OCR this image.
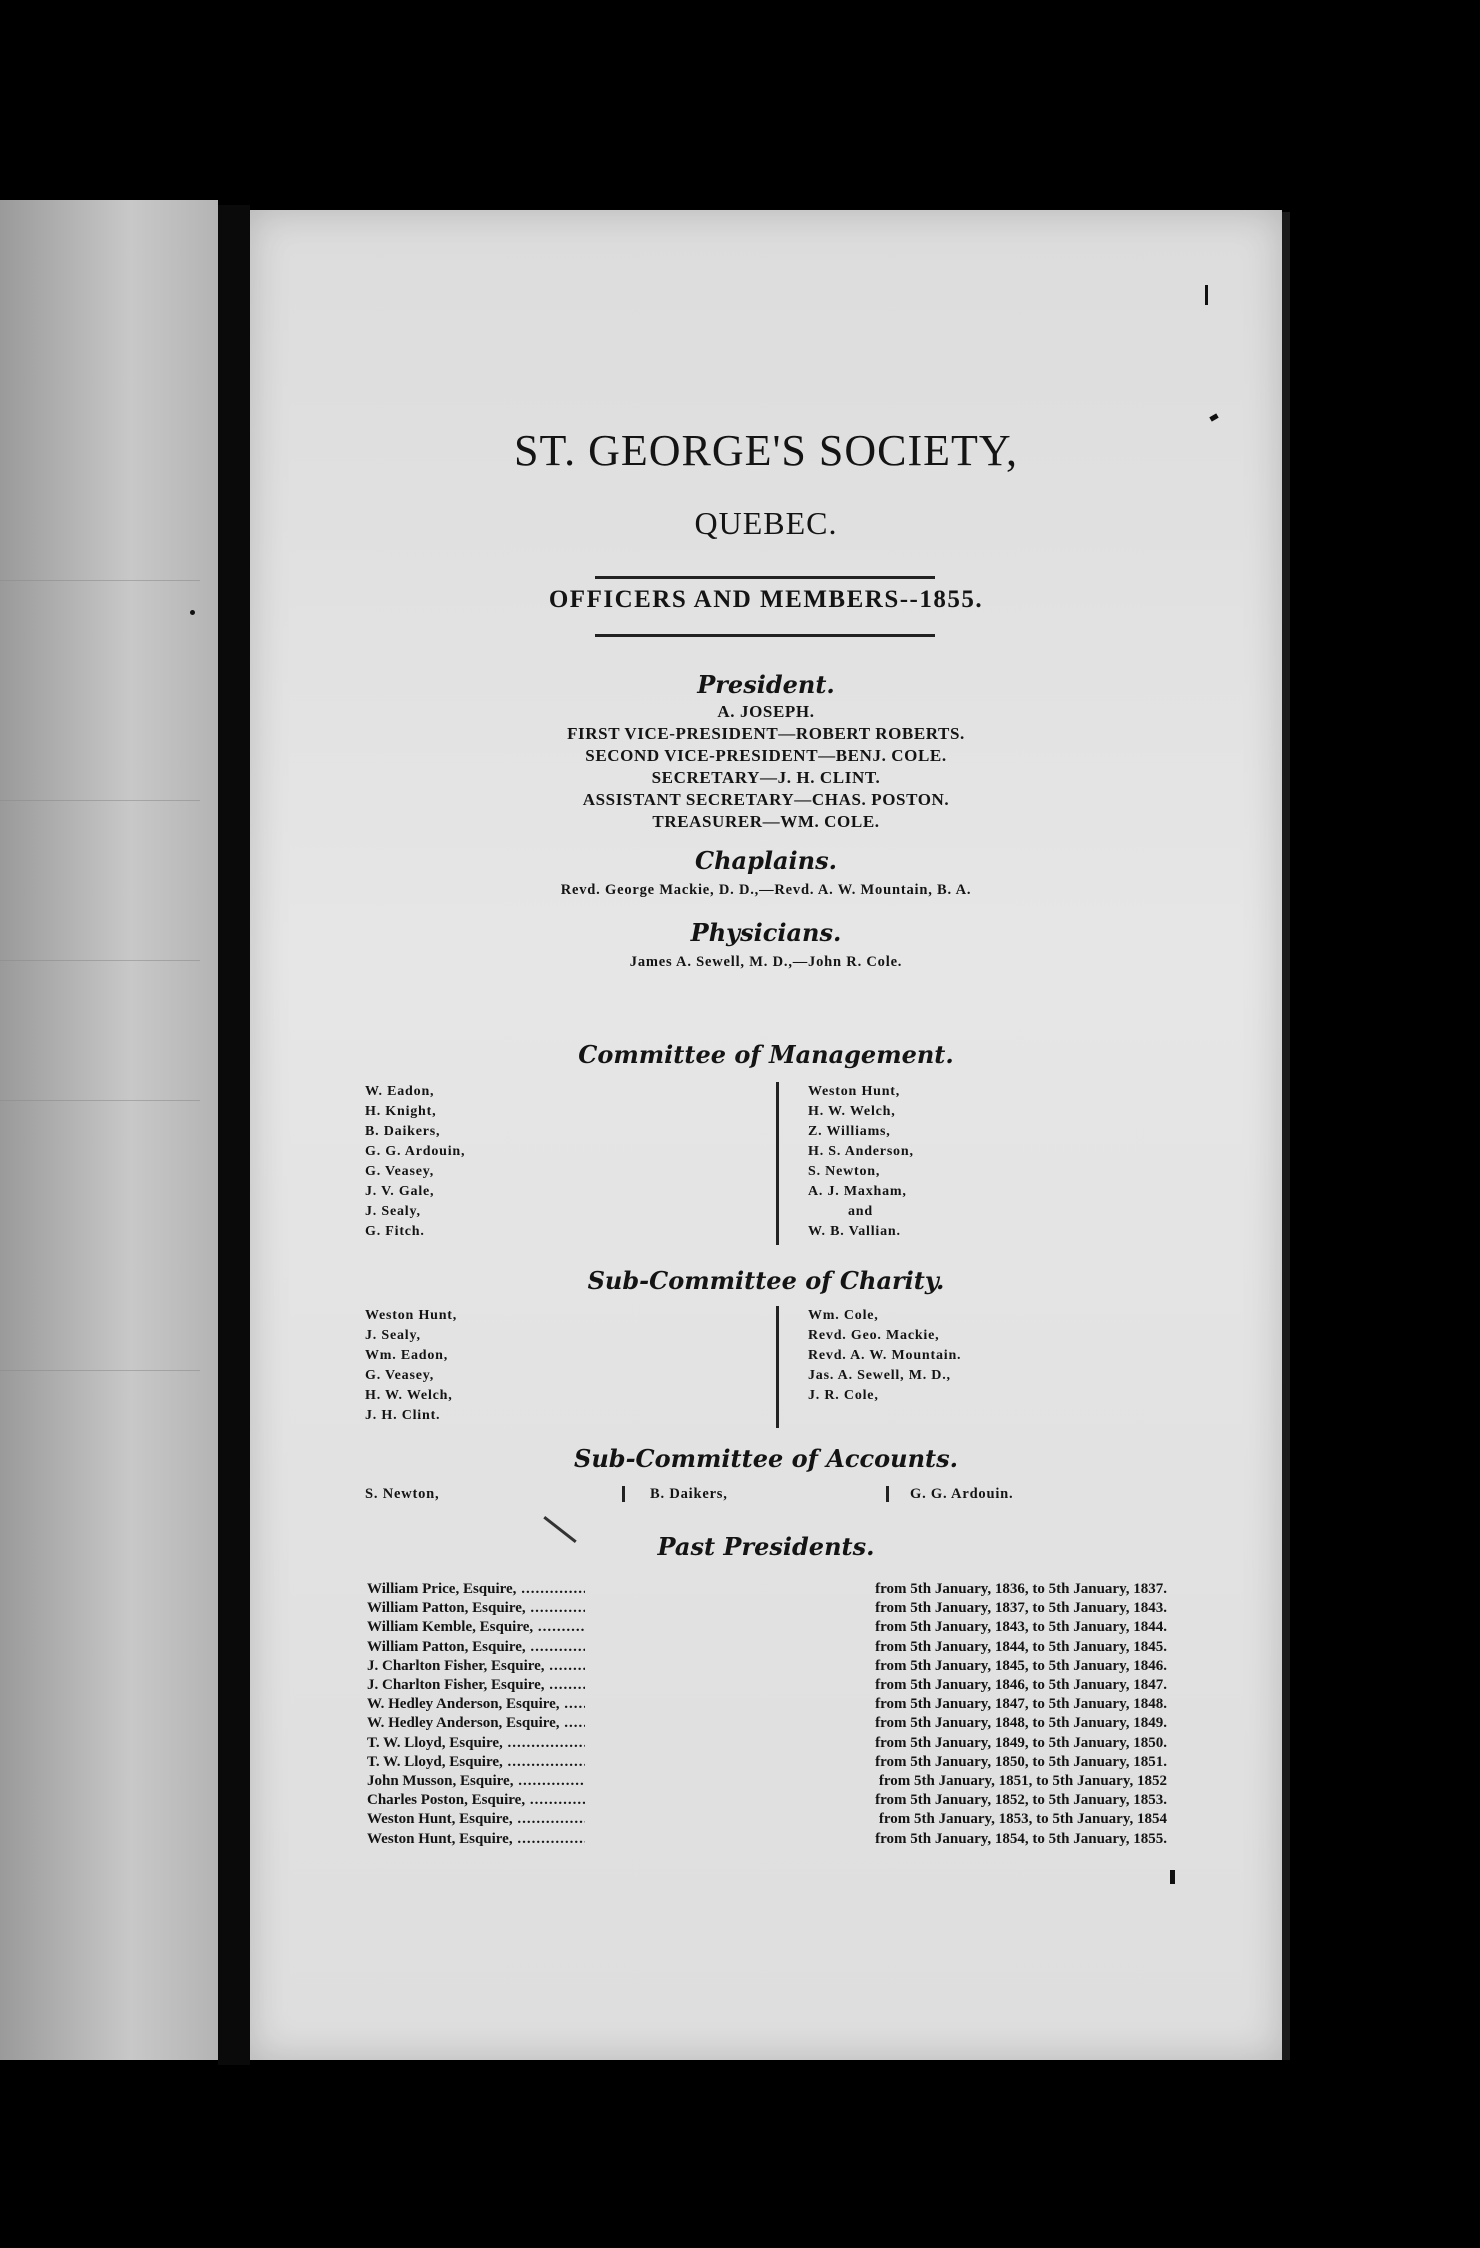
ST. GEORGE'S SOCIETY,
QUEBEC.
OFFICERS AND MEMBERS--1855.
President.
A. JOSEPH.
FIRST VICE-PRESIDENT—ROBERT ROBERTS.
SECOND VICE-PRESIDENT—BENJ. COLE.
SECRETARY—J. H. CLINT.
ASSISTANT SECRETARY—CHAS. POSTON.
TREASURER—WM. COLE.
Chaplains.
Revd. George Mackie, D. D.,—Revd. A. W. Mountain, B. A.
Physicians.
James A. Sewell, M. D.,—John R. Cole.
Committee of Management.
W. Eadon,
H. Knight,
B. Daikers,
G. G. Ardouin,
G. Veasey,
J. V. Gale,
J. Sealy,
G. Fitch.
Weston Hunt,
H. W. Welch,
Z. Williams,
H. S. Anderson,
S. Newton,
A. J. Maxham,
and
W. B. Vallian.
Sub-Committee of Charity.
Weston Hunt,
J. Sealy,
Wm. Eadon,
G. Veasey,
H. W. Welch,
J. H. Clint.
Wm. Cole,
Revd. Geo. Mackie,
Revd. A. W. Mountain.
Jas. A. Sewell, M. D.,
J. R. Cole,
Sub-Committee of Accounts.
S. Newton,	B. Daikers,	G. G. Ardouin.
Past Presidents.
William Price, Esquire, .....	from 5th January, 1836, to 5th January, 1837.
William Patton, Esquire, .....	from 5th January, 1837, to 5th January, 1843.
William Kemble, Esquire, .....	from 5th January, 1843, to 5th January, 1844.
William Patton, Esquire, .....	from 5th January, 1844, to 5th January, 1845.
J. Charlton Fisher, Esquire, .....	from 5th January, 1845, to 5th January, 1846.
J. Charlton Fisher, Esquire, .....	from 5th January, 1846, to 5th January, 1847.
W. Hedley Anderson, Esquire, .....	from 5th January, 1847, to 5th January, 1848.
W. Hedley Anderson, Esquire, .....	from 5th January, 1848, to 5th January, 1849.
T. W. Lloyd, Esquire, .....	from 5th January, 1849, to 5th January, 1850.
T. W. Lloyd, Esquire, .....	from 5th January, 1850, to 5th January, 1851.
John Musson, Esquire, .....	from 5th January, 1851, to 5th January, 1852
Charles Poston, Esquire, .....	from 5th January, 1852, to 5th January, 1853.
Weston Hunt, Esquire, .....	from 5th January, 1853, to 5th January, 1854
Weston Hunt, Esquire, .....	from 5th January, 1854, to 5th January, 1855.
